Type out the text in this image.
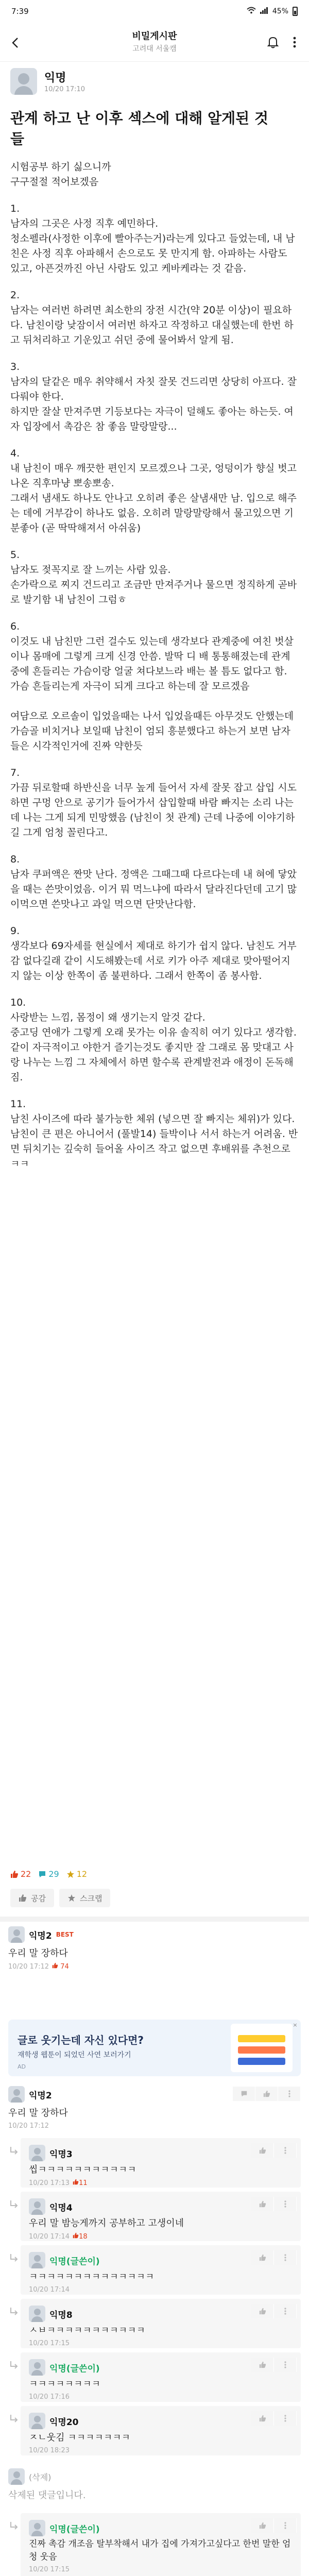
7:39	45%
비밀게시판
고려대 서울캠
익명
10/20 17:10
관계 하고 난 이후 섹스에 대해 알게된 것들

시험공부 하기 싫으니까
구구절절 적어보겠음

1.

남자의 그곳은 사정 직후 예민하다.
청소펠라(사정한 이후에 빨아주는거)라는게 있다고 들었는데, 내 남친은 사정 직후 아파해서 손으로도 못 만지게 함. 아파하는 사람도 있고, 아픈것까진 아닌 사람도 있고 케바케라는 것 같음.

2.

남자는 여러번 하려면 최소한의 장전 시간(약 20분 이상)이 필요하다. 남친이랑 낮잠이서 여러번 하자고 작정하고 대실했는데 한번 하고 뒤처리하고 기운있고 쉬던 중에 물어봐서 알게 됨.

3.

남자의 달같은 매우 취약해서 자칫 잘못 건드리면 상당히 아프다. 잘 다뤄야 한다.
하지만 잘살 만져주면 기등보다는 자극이 덜해도 좋아는 하는듯. 여자 입장에서 촉감은 참 좋음 말랑말랑...

4.

내 남친이 매우 깨끗한 편인지 모르겠으나 그곳, 엉덩이가 향실 벗고 나온 직후마냥 뽀송뽀송.
그래서 냄새도 하나도 안나고 오히려 좋은 살냄새만 남. 입으로 해주는 데에 거부감이 하나도 없음. 오히려 말랑말랑해서 물고있으면 기분좋아 (곧 딱딱해져서 아쉬움)

5.

남자도 젖꼭지로 잘 느끼는 사람 있음.
손가락으로 찌지 건드리고 조금만 만져주거나 물으면 정직하게 곧바로 발기함 내 남친이 그럼ㅎ

6.

이것도 내 남친만 그런 걸수도 있는데 생각보다 관계중에 여친 벗살이나 몸매에 그렇게 크게 신경 안씀. 발딱 디 배 통통해졌는데 관계중에 흔들리는 가슴이랑 얼굴 쳐다보느라 배는 볼 틈도 없다고 함. 가슴 흔들리는게 자극이 되게 크다고 하는데 잘 모르겠음

여담으로 오르솔이 입었을때는 나서 입었을때든 아무것도 안했는데 가슴골 비치거나 보일때 남친이 엄되 흥분했다고 하는거 보면 남자들은 시각적인거에 진짜 약한듯

7.

가끔 뒤로할때 하반신을 너무 높게 들어서 자세 잘못 잡고 삽입 시도하면 구멍 안으로 공기가 들어가서 삽입할때 바람 빠지는 소리 나는데 나는 그게 되게 민망했음 (남친이 첫 관계) 근데 나중에 이야기하길 그게 엄청 꼴린다고.

8.

남자 쿠퍼액은 짠맛 난다. 정액은 그때그때 다르다는데 내 혀에 닿았을 때는 쓴맛이었음. 이거 뭐 먹느냐에 따라서 달라진다던데 고기 많이먹으면 쓴맛나고 과일 먹으면 단맛난다함.

9.

생각보다 69자세를 현실에서 제대로 하기가 쉽지 않다. 남친도 거부감 없다길래 같이 시도해봤는데 서로 키가 아주 제대로 맞아떨어지지 않는 이상 한쪽이 좀 불편하다. 그래서 한쪽이 좀 봉사함.

10.

사랑받는 느낌, 몸정이 왜 생기는지 알것 같다.
중고딩 연애가 그렇게 오래 못가는 이유 솔직히 여기 있다고 생각함. 같이 자극적이고 야한거 즐기는것도 좋지만 잘 그래로 몸 맞대고 사랑 나누는 느낌 그 자체에서 하면 할수록 관계발전과 애정이 돈독해짐.

11.

남친 사이즈에 따라 불가능한 체위 (넣으면 잘 빠지는 체위)가 있다. 남친이 큰 편은 아니어서 (풀발14) 들박이나 서서 하는거 어려움. 반면 뒤치기는 깊숙히 들어올 사이즈 작고 없으면 후배위를 추천으로 ㅋㅋ

22 29 12
공감	스크랩
익명2 BEST
우리 말 장하다
10/20 17:12	74
글로 웃기는데 자신 있다면?
재학생 웹툰이 되었던 사연 보러가기
AD
×
익명2
우리 말 장하다
10/20 17:12
익명3
씹ㅋㅋㅋㅋㅋㅋㅋㅋㅋㅋㅋ
10/20 17:13	11
익명4
우리 말 밤능게까지 공부하고 고생이네
10/20 17:14	18
익명(글쓴이)
ㅋㅋㅋㅋㅋㅋㅋㅋㅋㅋㅋㅋㅋㅋ
10/20 17:14
익명8
ㅅㅂㅋㅋㅋㅋㅋㅋㅋㅋㅋㅋㅋ
10/20 17:15
익명(글쓴이)
ㅋㅋㅋㅋㅋㅋㅋㅋ
10/20 17:16
익명20
ㅈㄴ웃김 ㅋㅋㅋㅋㅋㅋㅋ
10/20 18:23
(삭제)
삭제된 댓글입니다.
익명(글쓴이)
진짜 촉감 개조음 탈부착해서 내가 집에 가져가고싶다고 한번 말한 엄청 웃음
10/20 17:15
